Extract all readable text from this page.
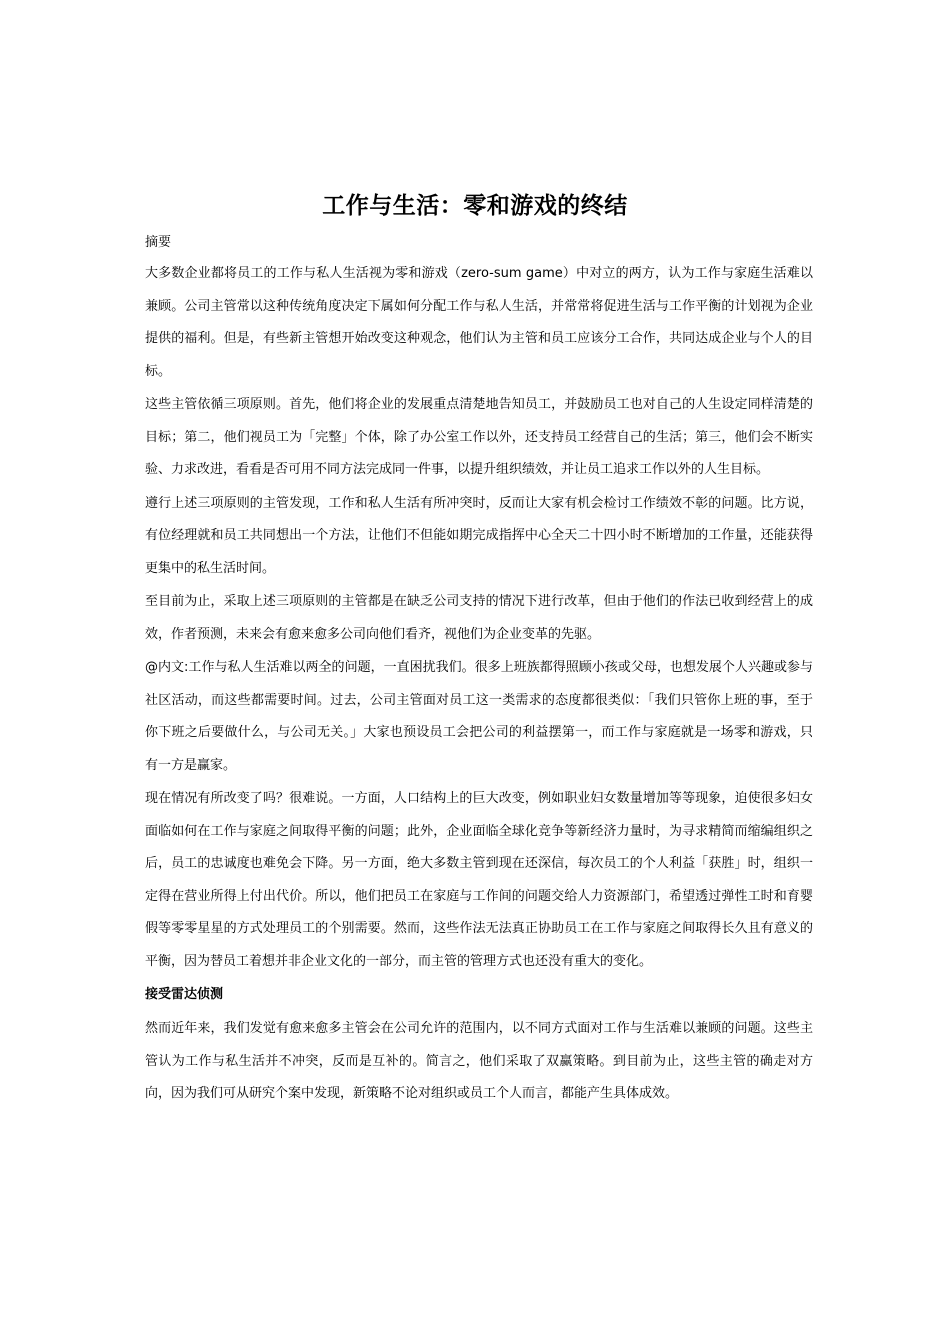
工作与生活：零和游戏的终结

摘要

大多数企业都将员工的工作与私人生活视为零和游戏（zero-sum game）中对立的两方，认为工作与家庭生活难以兼顾。公司主管常以这种传统角度决定下属如何分配工作与私人生活，并常常将促进生活与工作平衡的计划视为企业提供的福利。但是，有些新主管想开始改变这种观念，他们认为主管和员工应该分工合作，共同达成企业与个人的目标。

这些主管依循三项原则。首先，他们将企业的发展重点清楚地告知员工，并鼓励员工也对自己的人生设定同样清楚的目标；第二，他们视员工为「完整」个体，除了办公室工作以外，还支持员工经营自己的生活；第三，他们会不断实验、力求改进，看看是否可用不同方法完成同一件事，以提升组织绩效，并让员工追求工作以外的人生目标。

遵行上述三项原则的主管发现，工作和私人生活有所冲突时，反而让大家有机会检讨工作绩效不彰的问题。比方说，有位经理就和员工共同想出一个方法，让他们不但能如期完成指挥中心全天二十四小时不断增加的工作量，还能获得更集中的私生活时间。

至目前为止，采取上述三项原则的主管都是在缺乏公司支持的情况下进行改革，但由于他们的作法已收到经营上的成效，作者预测，未来会有愈来愈多公司向他们看齐，视他们为企业变革的先驱。

@内文:工作与私人生活难以两全的问题，一直困扰我们。很多上班族都得照顾小孩或父母，也想发展个人兴趣或参与社区活动，而这些都需要时间。过去，公司主管面对员工这一类需求的态度都很类似：「我们只管你上班的事，至于你下班之后要做什么，与公司无关。」大家也预设员工会把公司的利益摆第一，而工作与家庭就是一场零和游戏，只有一方是赢家。

现在情况有所改变了吗？很难说。一方面，人口结构上的巨大改变，例如职业妇女数量增加等等现象，迫使很多妇女面临如何在工作与家庭之间取得平衡的问题；此外，企业面临全球化竞争等新经济力量时，为寻求精简而缩编组织之后，员工的忠诚度也难免会下降。另一方面，绝大多数主管到现在还深信，每次员工的个人利益「获胜」时，组织一定得在营业所得上付出代价。所以，他们把员工在家庭与工作间的问题交给人力资源部门，希望透过弹性工时和育婴假等零零星星的方式处理员工的个别需要。然而，这些作法无法真正协助员工在工作与家庭之间取得长久且有意义的平衡，因为替员工着想并非企业文化的一部分，而主管的管理方式也还没有重大的变化。

接受雷达侦测

然而近年来，我们发觉有愈来愈多主管会在公司允许的范围内，以不同方式面对工作与生活难以兼顾的问题。这些主管认为工作与私生活并不冲突，反而是互补的。简言之，他们采取了双赢策略。到目前为止，这些主管的确走对方向，因为我们可从研究个案中发现，新策略不论对组织或员工个人而言，都能产生具体成效。
